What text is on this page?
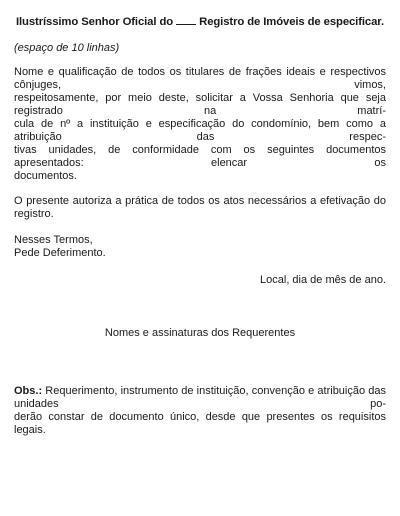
Ilustríssimo Senhor Oficial do Registro de Imóveis de especificar.
(espaço de 10 linhas)
Nome e qualificação de todos os titulares de frações ideais e respectivos cônjuges, vimos,
respeitosamente, por meio deste, solicitar a Vossa Senhoria que seja registrado na matrí-
cula de nº a instituição e especificação do condomínio, bem como a atribuição das respec-
tivas unidades, de conformidade com os seguintes documentos apresentados: elencar os
documentos.
O presente autoriza a prática de todos os atos necessários a efetivação do registro.
Nesses Termos,
Pede Deferimento.
Local, dia de mês de ano.
Nomes e assinaturas dos Requerentes
Obs.: Requerimento, instrumento de instituição, convenção e atribuição das unidades po-
derão constar de documento único, desde que presentes os requisitos legais.
